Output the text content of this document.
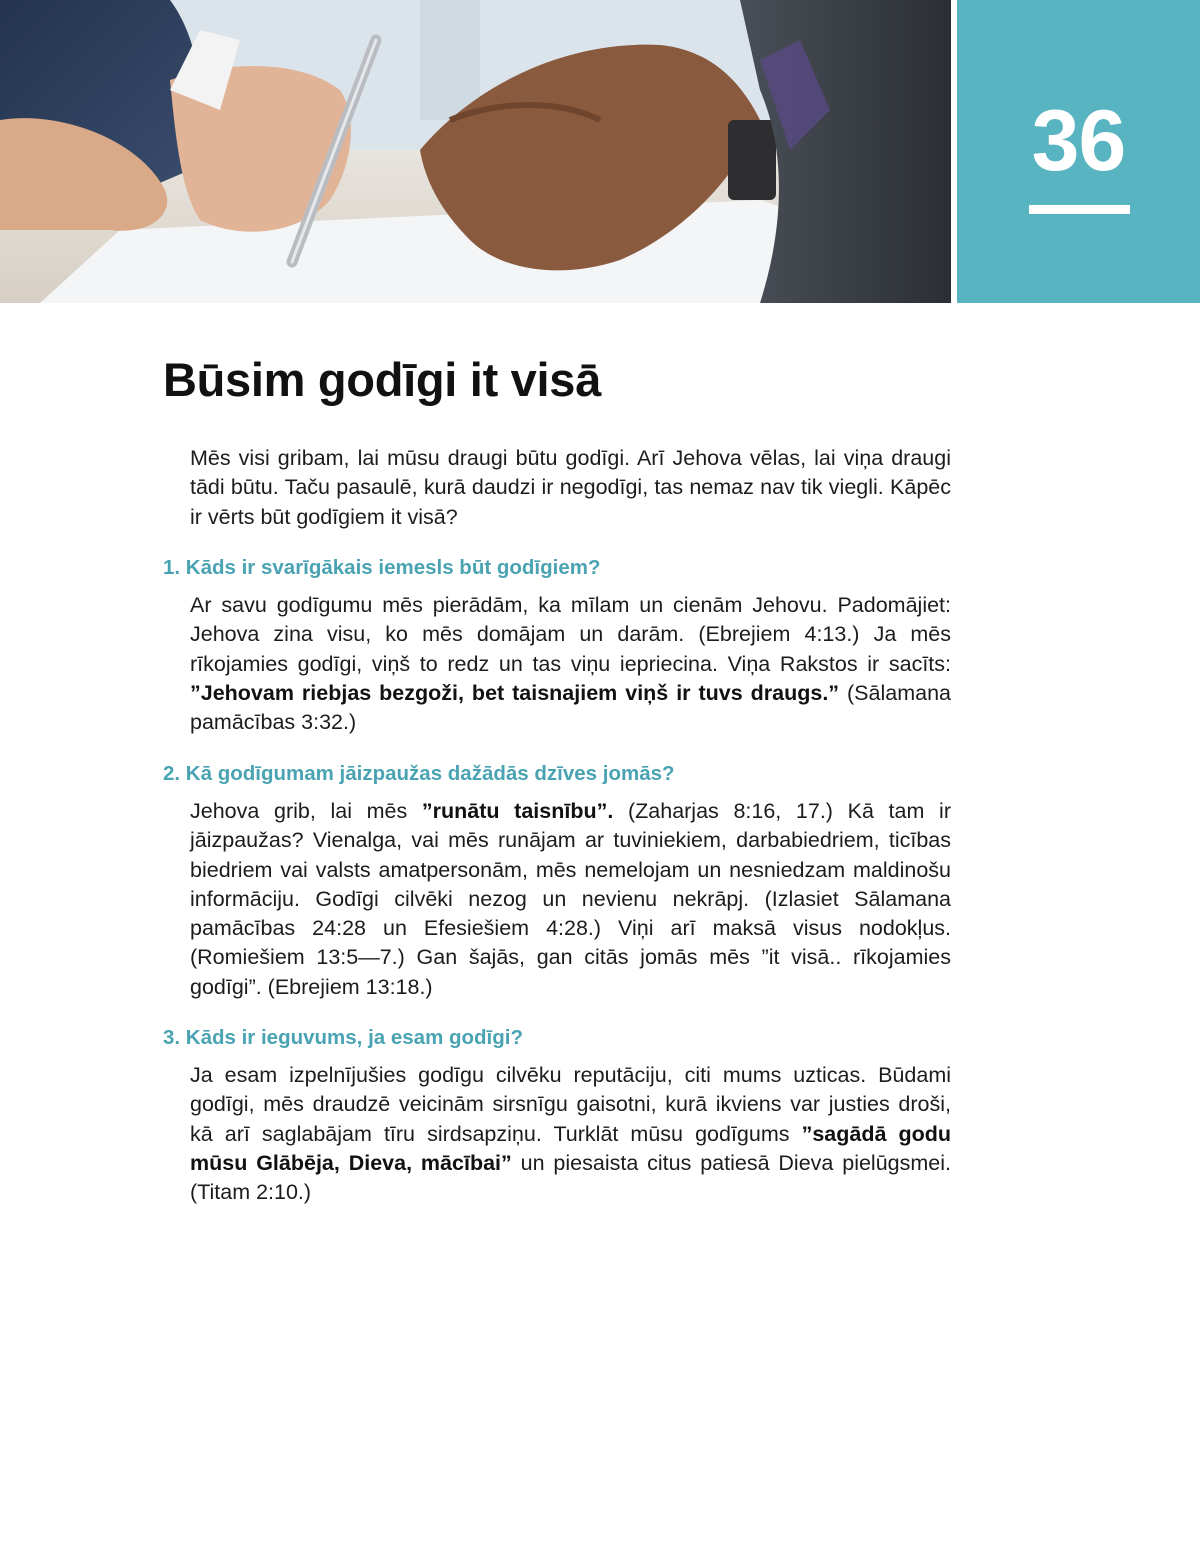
36
Būsim godīgi it visā

Mēs visi gribam, lai mūsu draugi būtu godīgi. Arī Jehova vēlas, lai viņa draugi tādi būtu. Taču pasaulē, kurā daudzi ir negodīgi, tas nemaz nav tik viegli. Kāpēc ir vērts būt godīgiem it visā?

1. Kāds ir svarīgākais iemesls būt godīgiem?

Ar savu godīgumu mēs pierādām, ka mīlam un cienām Jehovu. Padomājiet: Jehova zina visu, ko mēs domājam un darām. (Ebrejiem 4:13.) Ja mēs rīkojamies godīgi, viņš to redz un tas viņu iepriecina. Viņa Rakstos ir sacīts: ”Jehovam riebjas bezgoži, bet taisnajiem viņš ir tuvs draugs.” (Sālamana pamācības 3:32.)

2. Kā godīgumam jāizpaužas dažādās dzīves jomās?

Jehova grib, lai mēs ”runātu taisnību”. (Zaharjas 8:16, 17.) Kā tam ir jāizpaužas? Vienalga, vai mēs runājam ar tuviniekiem, darbabiedriem, ticības biedriem vai valsts amatpersonām, mēs nemelojam un nesniedzam maldinošu informāciju. Godīgi cilvēki nezog un nevienu nekrāpj. (Izlasiet Sālamana pamācības 24:28 un Efesiešiem 4:28.) Viņi arī maksā visus nodokļus. (Romiešiem 13:5—7.) Gan šajās, gan citās jomās mēs ”it visā.. rīkojamies godīgi”. (Ebrejiem 13:18.)

3. Kāds ir ieguvums, ja esam godīgi?

Ja esam izpelnījušies godīgu cilvēku reputāciju, citi mums uzticas. Būdami godīgi, mēs draudzē veicinām sirsnīgu gaisotni, kurā ikviens var justies droši, kā arī saglabājam tīru sirdsapziņu. Turklāt mūsu godīgums ”sagādā godu mūsu Glābēja, Dieva, mācībai” un piesaista citus patiesā Dieva pielūgsmei. (Titam 2:10.)
